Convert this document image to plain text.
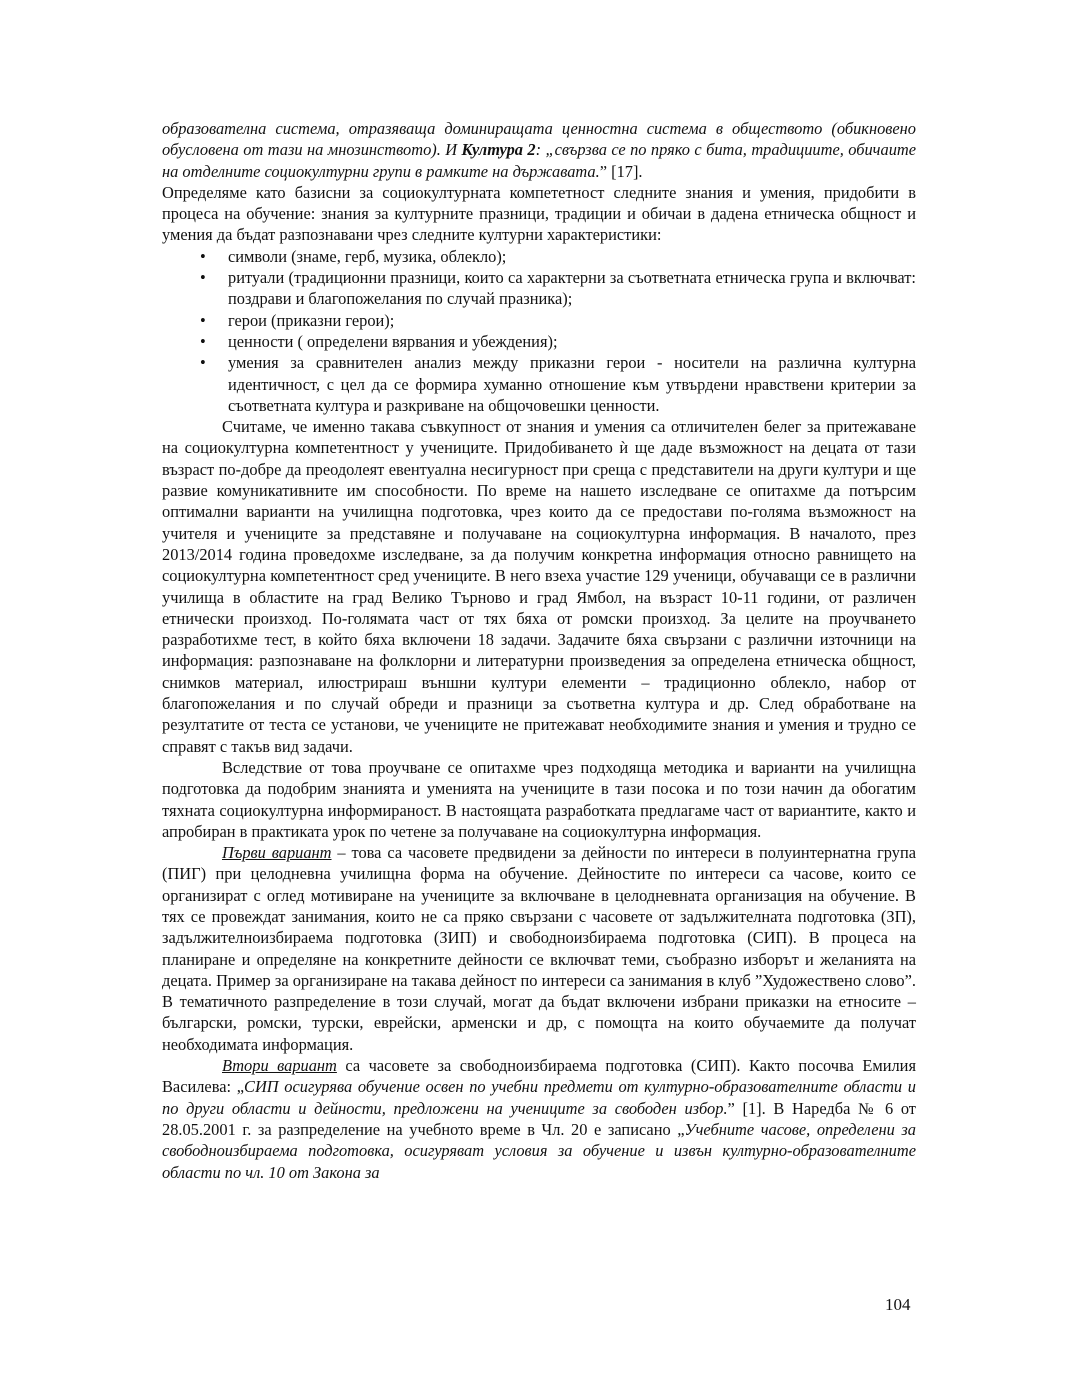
образователна система, отразяваща доминиращата ценностна система в обществото (обикновено обусловена от тази на мнозинството). И Култура 2: „свързва се по пряко с бита, традициите, обичаите на отделните социокултурни групи в рамките на държавата.” [17].

Определяме като базисни за социокултурната компететност следните знания и умения, придобити в процеса на обучение: знания за културните празници, традиции и обичаи в дадена етническа общност и умения да бъдат разпознавани чрез следните културни характеристики:

• символи (знаме, герб, музика, облекло);
• ритуали (традиционни празници, които са характерни за съответната етническа група и включват: поздрави и благопожелания по случай празника);
• герои (приказни герои);
• ценности ( определени вярвания и убеждения);
• умения за сравнителен анализ между приказни герои - носители на различна културна идентичност, с цел да се формира хуманно отношение към утвърдени нравствени критерии за съответната култура и разкриване на общочовешки ценности.

Считаме, че именно такава съвкупност от знания и умения са отличителен белег за притежаване на социокултурна компетентност у учениците. Придобиването ѝ ще даде възможност на децата от тази възраст по-добре да преодолеят евентуална несигурност при среща с представители на други култури и ще развие комуникативните им способности. По време на нашето изследване се опитахме да потърсим оптимални варианти на училищна подготовка, чрез които да се предостави по-голяма възможност на учителя и учениците за представяне и получаване на социокултурна информация. В началото, през 2013/2014 година проведохме изследване, за да получим конкретна информация относно равнището на социокултурна компетентност сред учениците. В него взеха участие 129 ученици, обучаващи се в различни училища в областите на град Велико Търново и град Ямбол, на възраст 10-11 години, от различен етнически произход. По-голямата част от тях бяха от ромски произход. За целите на проучването разработихме тест, в който бяха включени 18 задачи. Задачите бяха свързани с различни източници на информация: разпознаване на фолклорни и литературни произведения за определена етническа общност, снимков материал, илюстрираш външни култури елементи – традиционно облекло, набор от благопожелания и по случай обреди и празници за съответна култура и др. След обработване на резултатите от теста се установи, че учениците не притежават необходимите знания и умения и трудно се справят с такъв вид задачи.

Вследствие от това проучване се опитахме чрез подходяща методика и варианти на училищна подготовка да подобрим знанията и уменията на учениците в тази посока и по този начин да обогатим тяхната социокултурна информираност. В настоящата разработката предлагаме част от вариантите, както и апробиран в практиката урок по четене за получаване на социокултурна информация.

Първи вариант – това са часовете предвидени за дейности по интереси в полуинтернатна група (ПИГ) при целодневна училищна форма на обучение. Дейностите по интереси са часове, които се организират с оглед мотивиране на учениците за включване в целодневната организация на обучение. В тях се провеждат занимания, които не са пряко свързани с часовете от задължителната подготовка (ЗП), задължителноизбираема подготовка (ЗИП) и свободноизбираема подготовка (СИП). В процеса на планиране и определяне на конкретните дейности се включват теми, съобразно изборът и желанията на децата. Пример за организиране на такава дейност по интереси са занимания в клуб ”Художествено слово”. В тематичното разпределение в този случай, могат да бъдат включени избрани приказки на етносите – български, ромски, турски, еврейски, арменски и др, с помощта на които обучаемите да получат необходимата информация.

Втори вариант са часовете за свободноизбираема подготовка (СИП). Както посочва Емилия Василева: „СИП осигурява обучение освен по учебни предмети от културно-образователните области и по други области и дейности, предложени на учениците за свободен избор.” [1]. В Наредба № 6 от 28.05.2001 г. за разпределение на учебното време в Чл. 20 е записано „Учебните часове, определени за свободноизбираема подготовка, осигуряват условия за обучение и извън културно-образователните области по чл. 10 от Закона за

104
